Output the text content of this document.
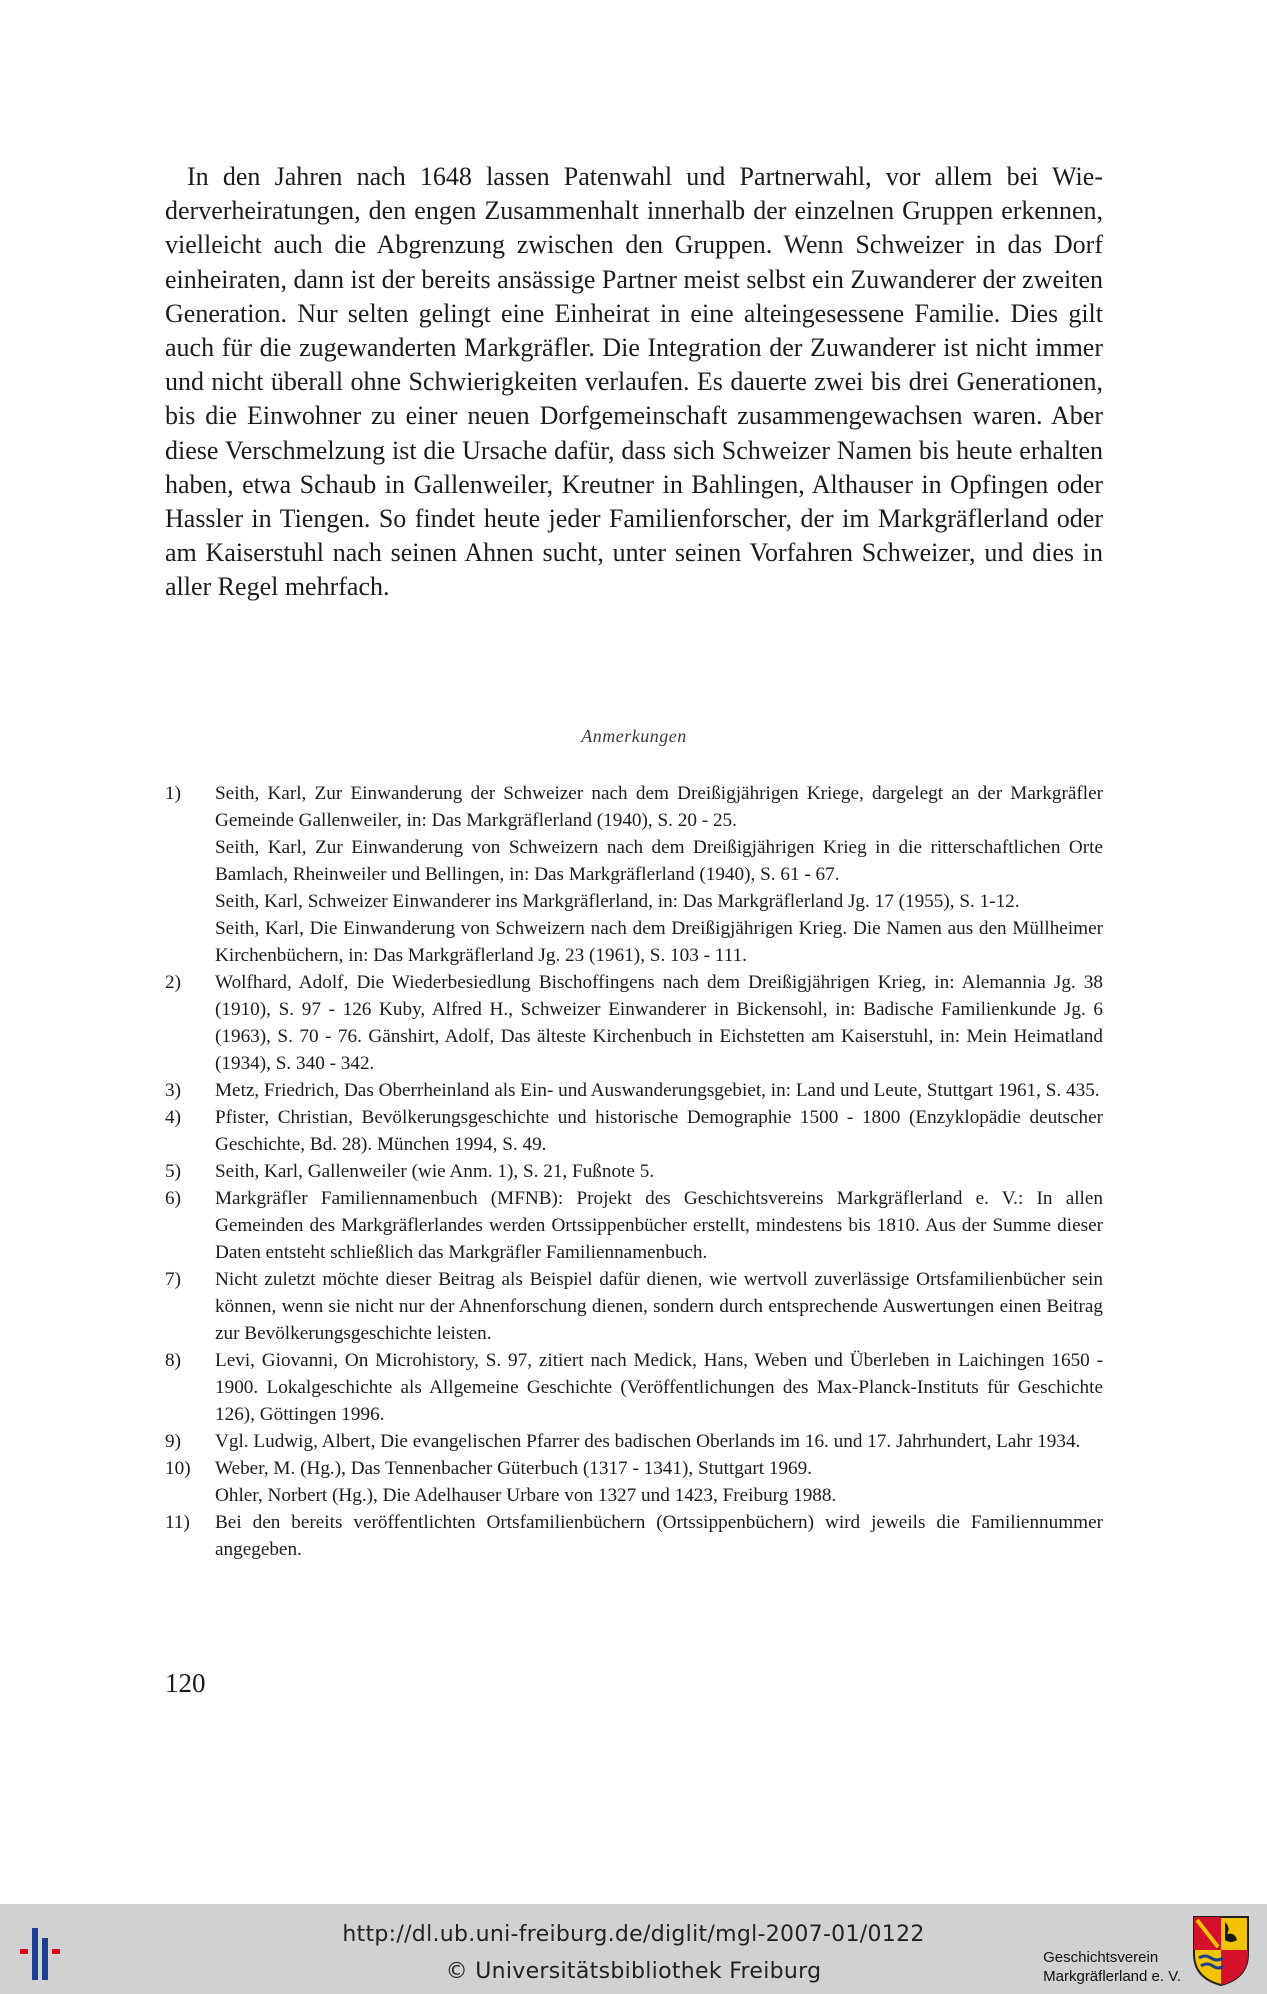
In den Jahren nach 1648 lassen Patenwahl und Partnerwahl, vor allem bei Wiederverheiratungen, den engen Zusammenhalt innerhalb der einzelnen Gruppen erkennen, vielleicht auch die Abgrenzung zwischen den Gruppen. Wenn Schweizer in das Dorf einheiraten, dann ist der bereits ansässige Partner meist selbst ein Zuwanderer der zweiten Generation. Nur selten gelingt eine Einheirat in eine alteingesessene Familie. Dies gilt auch für die zugewanderten Markgräfler. Die Integration der Zuwanderer ist nicht immer und nicht überall ohne Schwierigkeiten verlaufen. Es dauerte zwei bis drei Generationen, bis die Einwohner zu einer neuen Dorfgemeinschaft zusammengewachsen waren. Aber diese Verschmelzung ist die Ursache dafür, dass sich Schweizer Namen bis heute erhalten haben, etwa Schaub in Gallenweiler, Kreutner in Bahlingen, Althauser in Opfingen oder Hassler in Tiengen. So findet heute jeder Familienforscher, der im Markgräflerland oder am Kaiserstuhl nach seinen Ahnen sucht, unter seinen Vorfahren Schweizer, und dies in aller Regel mehrfach.

Anmerkungen
1) Seith, Karl, Zur Einwanderung der Schweizer nach dem Dreißigjährigen Kriege, dargelegt an der Markgräfler Gemeinde Gallenweiler, in: Das Markgräflerland (1940), S. 20 - 25.
Seith, Karl, Zur Einwanderung von Schweizern nach dem Dreißigjährigen Krieg in die ritterschaftlichen Orte Bamlach, Rheinweiler und Bellingen, in: Das Markgräflerland (1940), S. 61 - 67.
Seith, Karl, Schweizer Einwanderer ins Markgräflerland, in: Das Markgräflerland Jg. 17 (1955), S. 1-12.
Seith, Karl, Die Einwanderung von Schweizern nach dem Dreißigjährigen Krieg. Die Namen aus den Müllheimer Kirchenbüchern, in: Das Markgräflerland Jg. 23 (1961), S. 103 - 111.
2) Wolfhard, Adolf, Die Wiederbesiedlung Bischoffingens nach dem Dreißigjährigen Krieg, in: Alemannia Jg. 38 (1910), S. 97 - 126 Kuby, Alfred H., Schweizer Einwanderer in Bickensohl, in: Badische Familienkunde Jg. 6 (1963), S. 70 - 76. Gänshirt, Adolf, Das älteste Kirchenbuch in Eichstetten am Kaiserstuhl, in: Mein Heimatland (1934), S. 340 - 342.
3) Metz, Friedrich, Das Oberrheinland als Ein- und Auswanderungsgebiet, in: Land und Leute, Stuttgart 1961, S. 435.
4) Pfister, Christian, Bevölkerungsgeschichte und historische Demographie 1500 - 1800 (Enzyklopädie deutscher Geschichte, Bd. 28). München 1994, S. 49.
5) Seith, Karl, Gallenweiler (wie Anm. 1), S. 21, Fußnote 5.
6) Markgräfler Familiennamenbuch (MFNB): Projekt des Geschichtsvereins Markgräflerland e. V.: In allen Gemeinden des Markgräflerlandes werden Ortssippenbücher erstellt, mindestens bis 1810. Aus der Summe dieser Daten entsteht schließlich das Markgräfler Familiennamenbuch.
7) Nicht zuletzt möchte dieser Beitrag als Beispiel dafür dienen, wie wertvoll zuverlässige Ortsfamilienbücher sein können, wenn sie nicht nur der Ahnenforschung dienen, sondern durch entsprechende Auswertungen einen Beitrag zur Bevölkerungsgeschichte leisten.
8) Levi, Giovanni, On Microhistory, S. 97, zitiert nach Medick, Hans, Weben und Überleben in Laichingen 1650 - 1900. Lokalgeschichte als Allgemeine Geschichte (Veröffentlichungen des Max-Planck-Instituts für Geschichte 126), Göttingen 1996.
9) Vgl. Ludwig, Albert, Die evangelischen Pfarrer des badischen Oberlands im 16. und 17. Jahrhundert, Lahr 1934.
10) Weber, M. (Hg.), Das Tennenbacher Güterbuch (1317 - 1341), Stuttgart 1969.
Ohler, Norbert (Hg.), Die Adelhauser Urbare von 1327 und 1423, Freiburg 1988.
11) Bei den bereits veröffentlichten Ortsfamilienbüchern (Ortssippenbüchern) wird jeweils die Familiennummer angegeben.
120
http://dl.ub.uni-freiburg.de/diglit/mgl-2007-01/0122
© Universitätsbibliothek Freiburg
Geschichtsverein
Markgräflerland e. V.
